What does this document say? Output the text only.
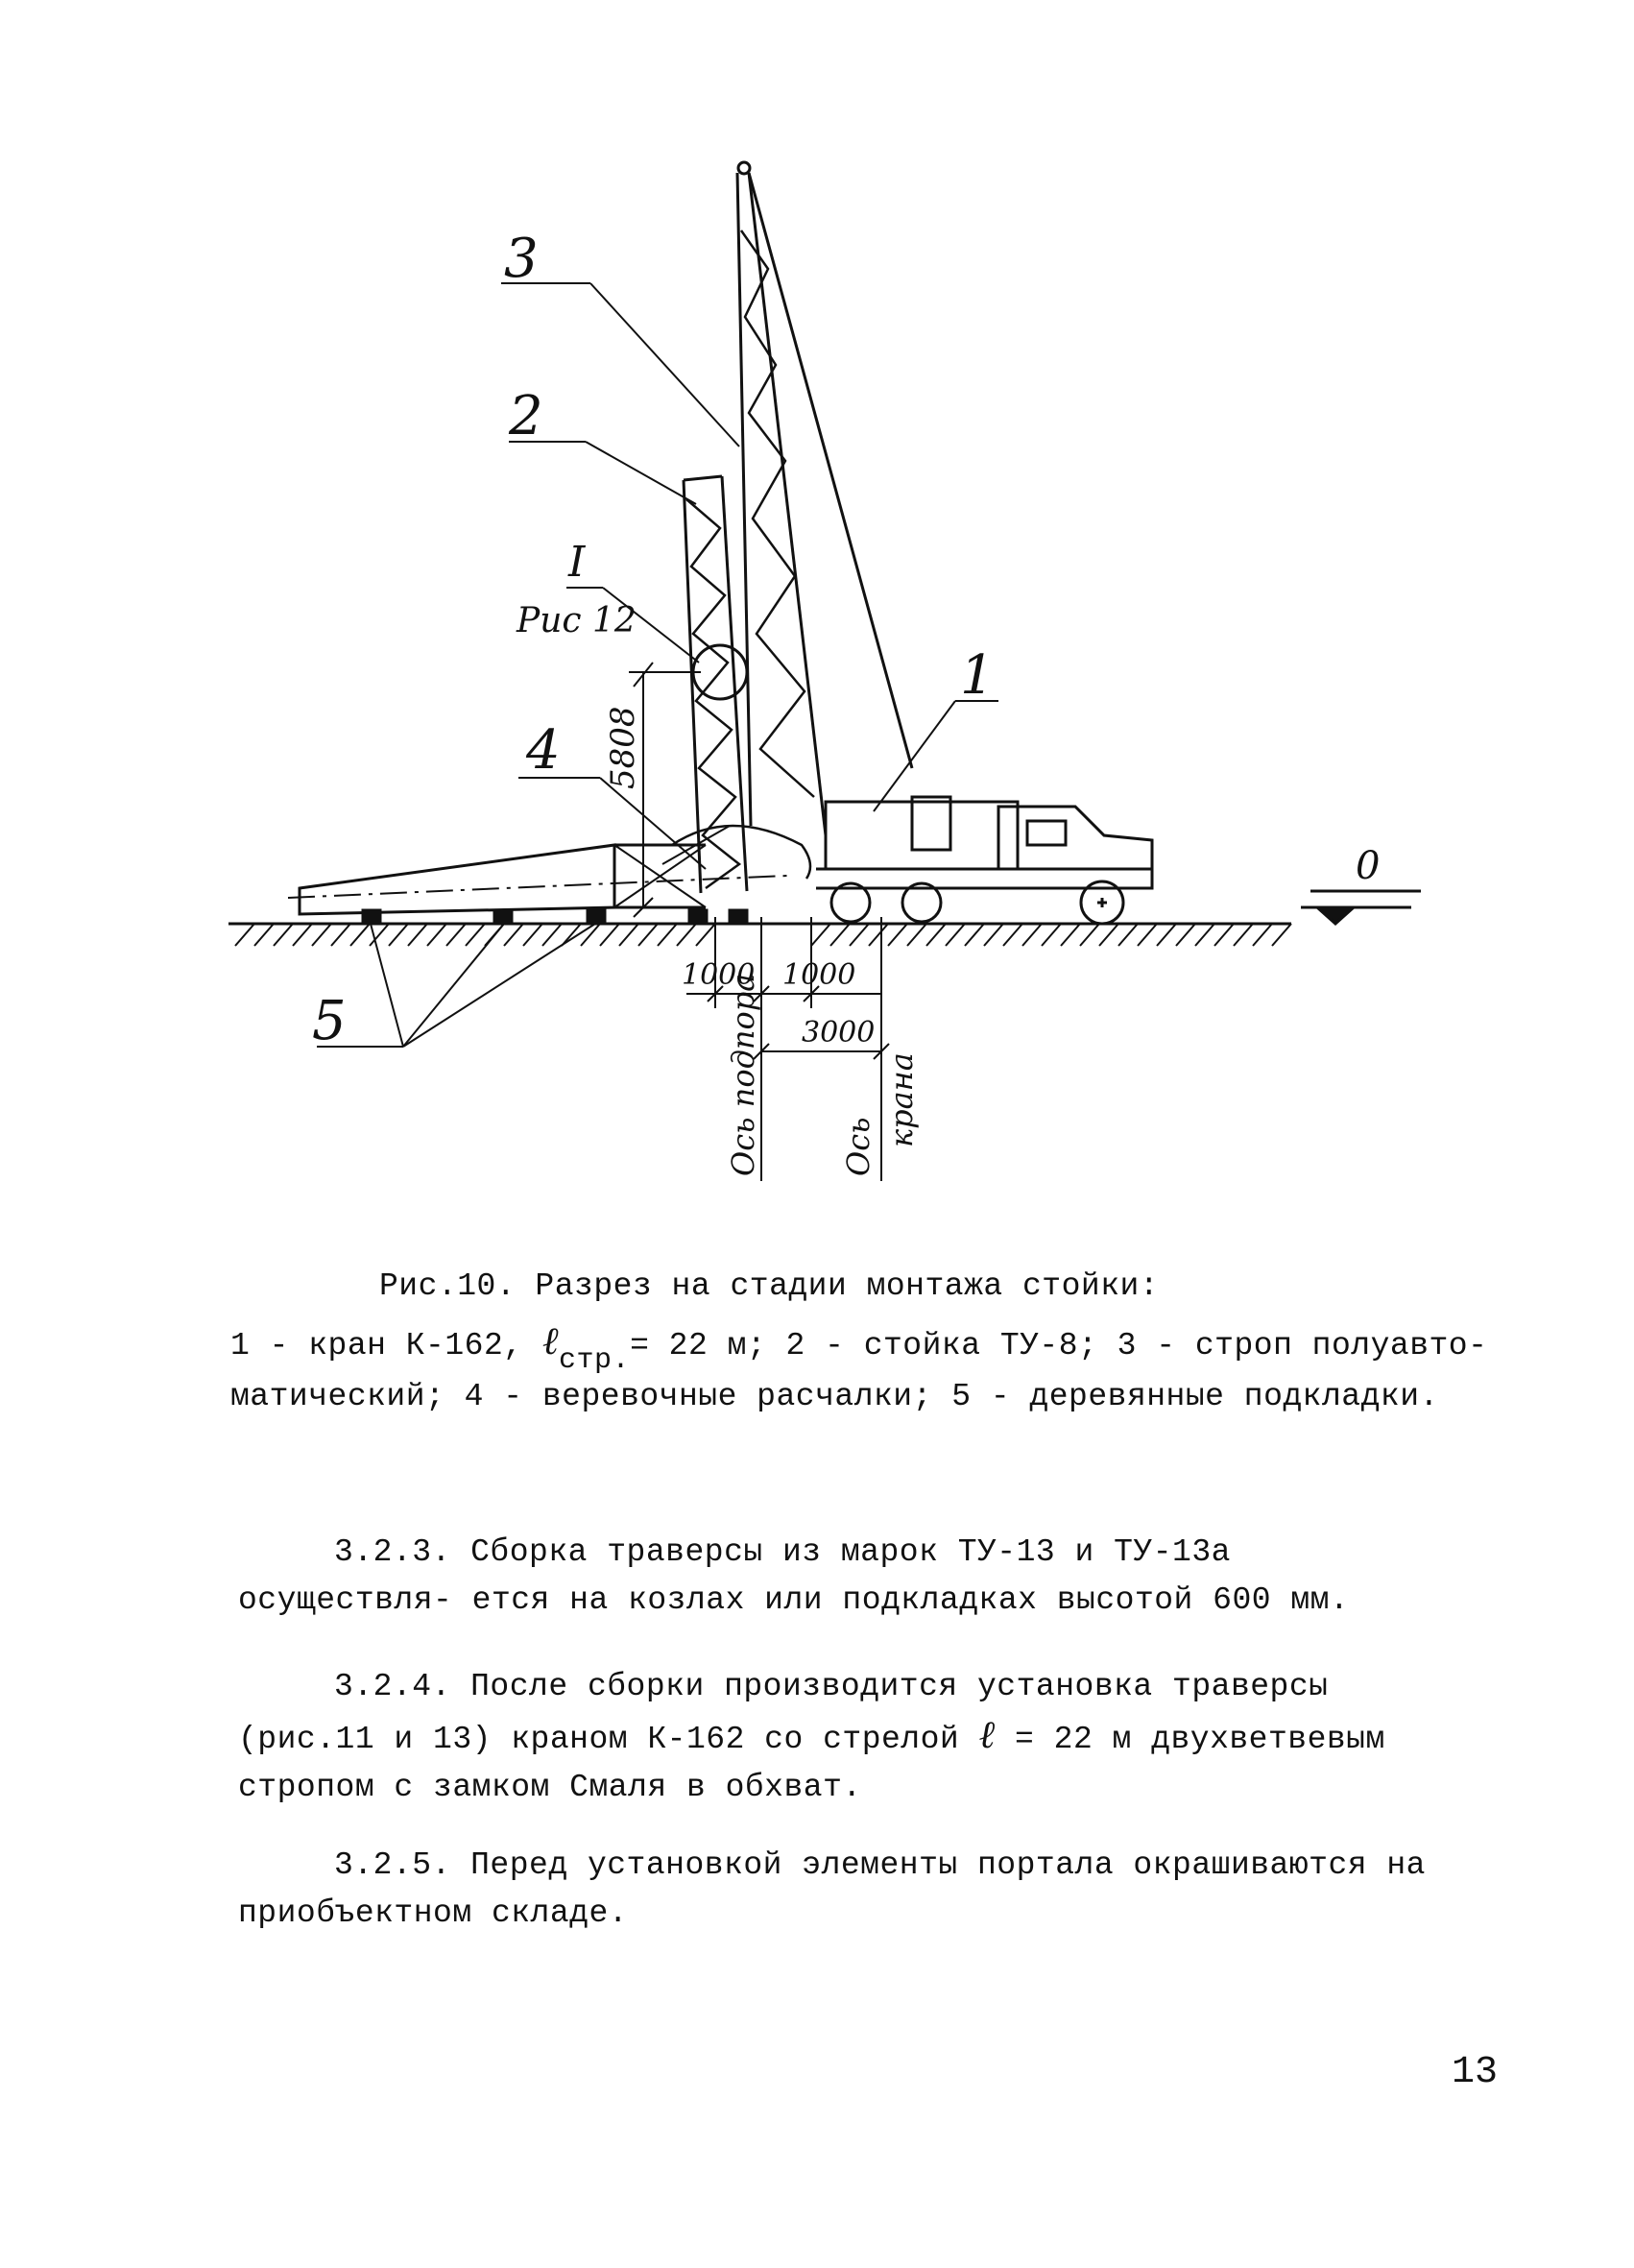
3
2
I
Рис 12
4
1
5
0
5808
1000 1000
3000
Ось подпора	Ось крана
Рис.10. Разрез на стадии монтажа стойки:
1 - кран К-162, ℓстр.= 22 м; 2 - стойка ТУ-8; 3 - строп полуавто-
матический; 4 - веревочные расчалки; 5 - деревянные подкладки.

3.2.3. Сборка траверсы из марок ТУ-13 и ТУ-13а осуществля- ется на козлах или подкладках высотой 600 мм.

3.2.4. После сборки производится установка траверсы (рис.11 и 13) краном К-162 со стрелой ℓ = 22 м двухветвевым стропом с замком Смаля в обхват.

3.2.5. Перед установкой элементы портала окрашиваются на приобъектном складе.

13
